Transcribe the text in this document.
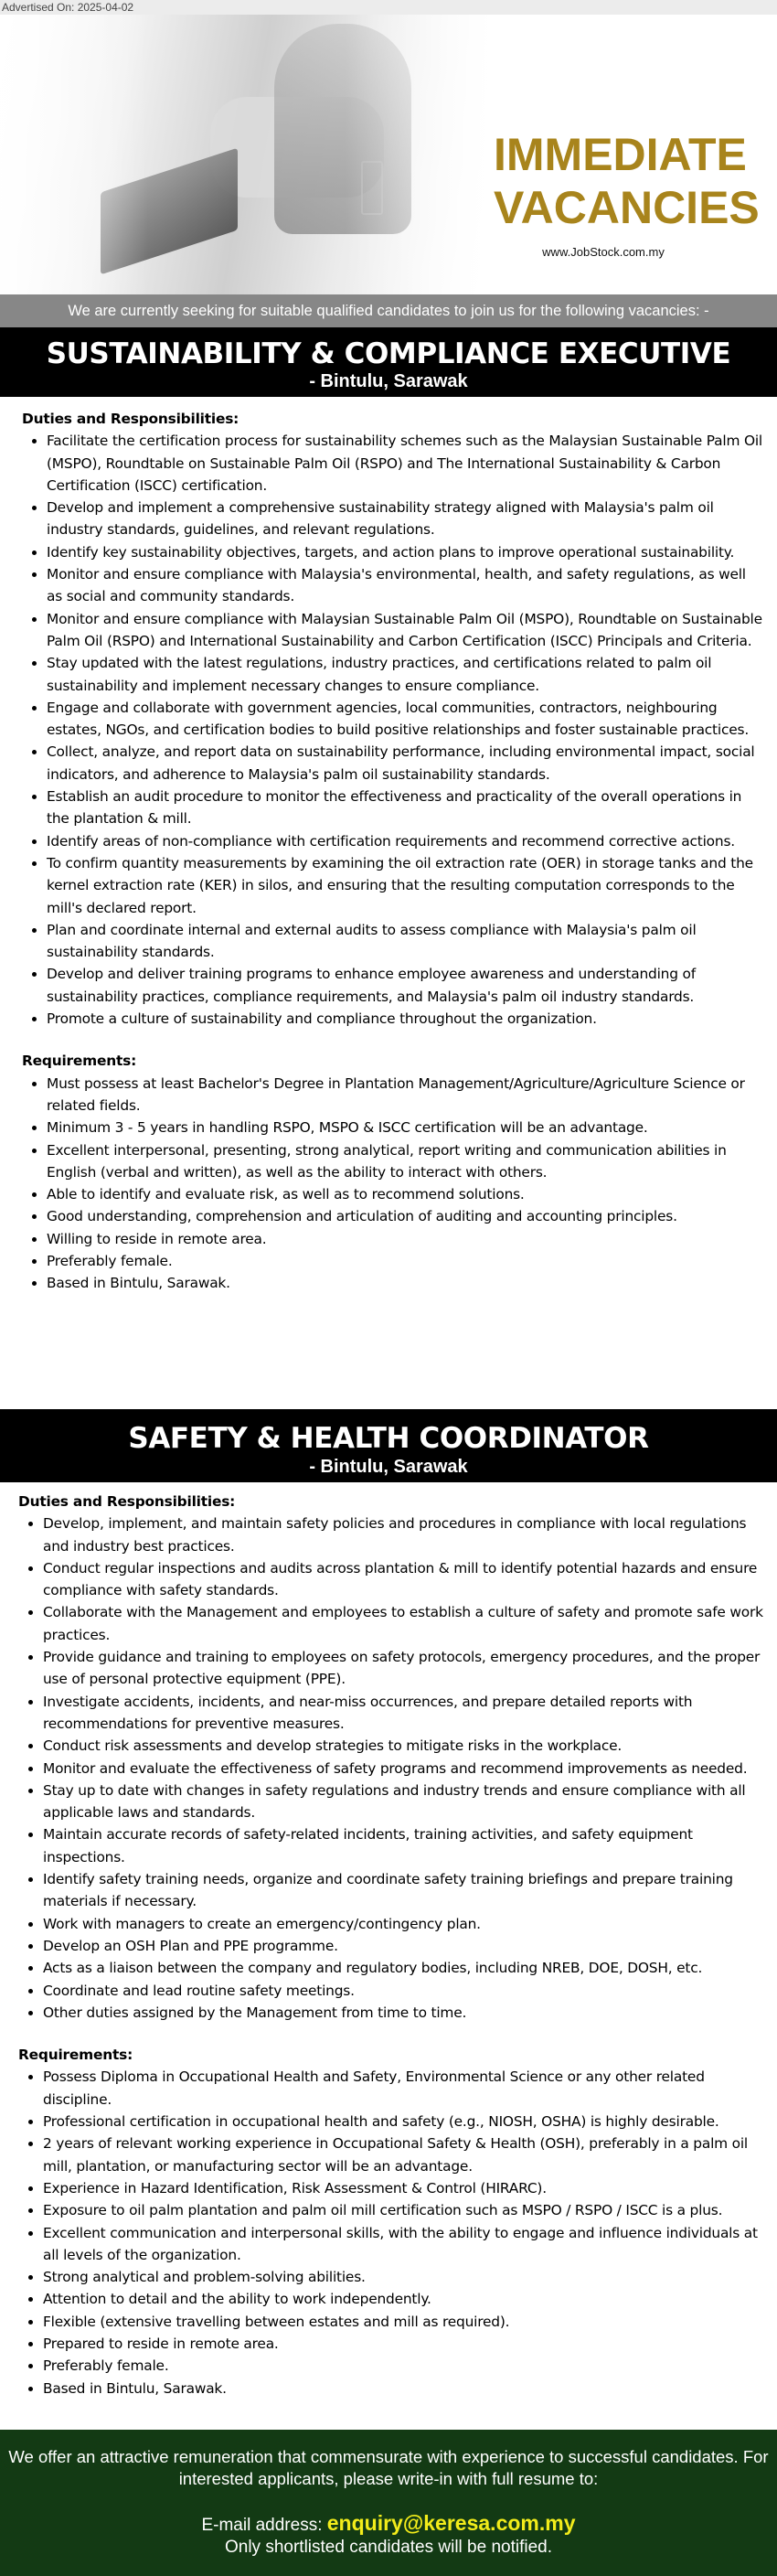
Advertised On: 2025-04-02
IMMEDIATE
VACANCIES
www.JobStock.com.my
We are currently seeking for suitable qualified candidates to join us for the following vacancies: -
SUSTAINABILITY & COMPLIANCE EXECUTIVE
- Bintulu, Sarawak
Duties and Responsibilities:
• Facilitate the certification process for sustainability schemes such as the Malaysian Sustainable Palm Oil (MSPO), Roundtable on Sustainable Palm Oil (RSPO) and The International Sustainability & Carbon Certification (ISCC) certification.
• Develop and implement a comprehensive sustainability strategy aligned with Malaysia's palm oil industry standards, guidelines, and relevant regulations.
• Identify key sustainability objectives, targets, and action plans to improve operational sustainability.
• Monitor and ensure compliance with Malaysia's environmental, health, and safety regulations, as well as social and community standards.
• Monitor and ensure compliance with Malaysian Sustainable Palm Oil (MSPO), Roundtable on Sustainable Palm Oil (RSPO) and International Sustainability and Carbon Certification (ISCC) Principals and Criteria.
• Stay updated with the latest regulations, industry practices, and certifications related to palm oil sustainability and implement necessary changes to ensure compliance.
• Engage and collaborate with government agencies, local communities, contractors, neighbouring estates, NGOs, and certification bodies to build positive relationships and foster sustainable practices.
• Collect, analyze, and report data on sustainability performance, including environmental impact, social indicators, and adherence to Malaysia's palm oil sustainability standards.
• Establish an audit procedure to monitor the effectiveness and practicality of the overall operations in the plantation & mill.
• Identify areas of non-compliance with certification requirements and recommend corrective actions.
• To confirm quantity measurements by examining the oil extraction rate (OER) in storage tanks and the kernel extraction rate (KER) in silos, and ensuring that the resulting computation corresponds to the mill's declared report.
• Plan and coordinate internal and external audits to assess compliance with Malaysia's palm oil sustainability standards.
• Develop and deliver training programs to enhance employee awareness and understanding of sustainability practices, compliance requirements, and Malaysia's palm oil industry standards.
• Promote a culture of sustainability and compliance throughout the organization.
Requirements:
• Must possess at least Bachelor's Degree in Plantation Management/Agriculture/Agriculture Science or related fields.
• Minimum 3 - 5 years in handling RSPO, MSPO & ISCC certification will be an advantage.
• Excellent interpersonal, presenting, strong analytical, report writing and communication abilities in English (verbal and written), as well as the ability to interact with others.
• Able to identify and evaluate risk, as well as to recommend solutions.
• Good understanding, comprehension and articulation of auditing and accounting principles.
• Willing to reside in remote area.
• Preferably female.
• Based in Bintulu, Sarawak.
SAFETY & HEALTH COORDINATOR
- Bintulu, Sarawak
Duties and Responsibilities:
• Develop, implement, and maintain safety policies and procedures in compliance with local regulations and industry best practices.
• Conduct regular inspections and audits across plantation & mill to identify potential hazards and ensure compliance with safety standards.
• Collaborate with the Management and employees to establish a culture of safety and promote safe work practices.
• Provide guidance and training to employees on safety protocols, emergency procedures, and the proper use of personal protective equipment (PPE).
• Investigate accidents, incidents, and near-miss occurrences, and prepare detailed reports with recommendations for preventive measures.
• Conduct risk assessments and develop strategies to mitigate risks in the workplace.
• Monitor and evaluate the effectiveness of safety programs and recommend improvements as needed.
• Stay up to date with changes in safety regulations and industry trends and ensure compliance with all applicable laws and standards.
• Maintain accurate records of safety-related incidents, training activities, and safety equipment inspections.
• Identify safety training needs, organize and coordinate safety training briefings and prepare training materials if necessary.
• Work with managers to create an emergency/contingency plan.
• Develop an OSH Plan and PPE programme.
• Acts as a liaison between the company and regulatory bodies, including NREB, DOE, DOSH, etc.
• Coordinate and lead routine safety meetings.
• Other duties assigned by the Management from time to time.
Requirements:
• Possess Diploma in Occupational Health and Safety, Environmental Science or any other related discipline.
• Professional certification in occupational health and safety (e.g., NIOSH, OSHA) is highly desirable.
• 2 years of relevant working experience in Occupational Safety & Health (OSH), preferably in a palm oil mill, plantation, or manufacturing sector will be an advantage.
• Experience in Hazard Identification, Risk Assessment & Control (HIRARC).
• Exposure to oil palm plantation and palm oil mill certification such as MSPO / RSPO / ISCC is a plus.
• Excellent communication and interpersonal skills, with the ability to engage and influence individuals at all levels of the organization.
• Strong analytical and problem-solving abilities.
• Attention to detail and the ability to work independently.
• Flexible (extensive travelling between estates and mill as required).
• Prepared to reside in remote area.
• Preferably female.
• Based in Bintulu, Sarawak.
We offer an attractive remuneration that commensurate with experience to successful candidates. For interested applicants, please write-in with full resume to:
E-mail address: enquiry@keresa.com.my
Only shortlisted candidates will be notified.
